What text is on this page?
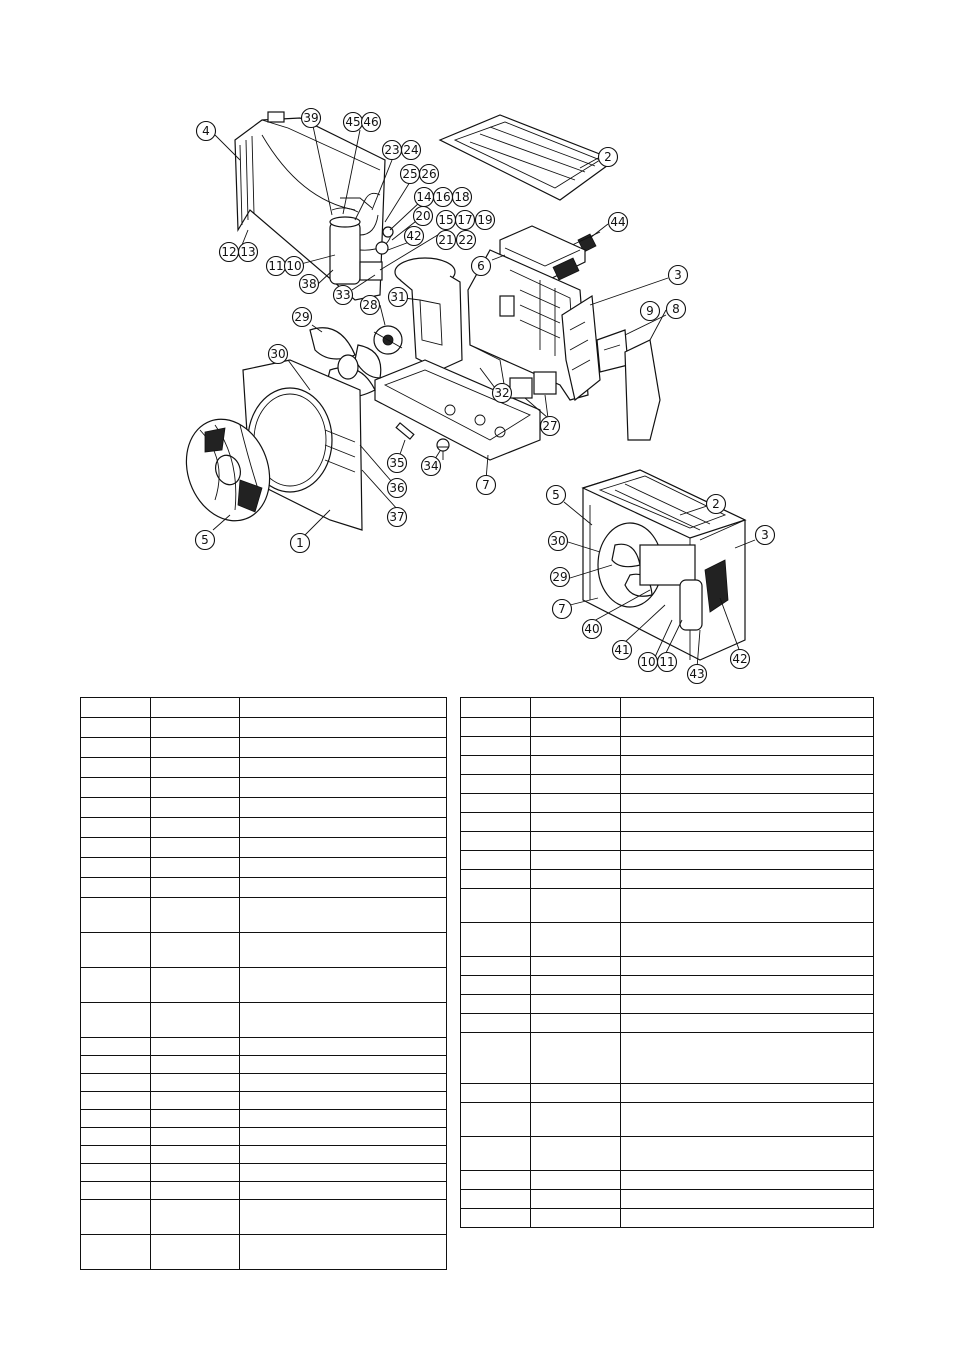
4
39 45 46
23 24
25 26
14 16 18
20 15 17 19
42 21 22
2
44
6
12 13
11 10
38
33	31
28
29
3
9 8
30
32
27
35 34
36
37
7
5	1
5
2
3
30
29
7
40
41
10 11
43
42
